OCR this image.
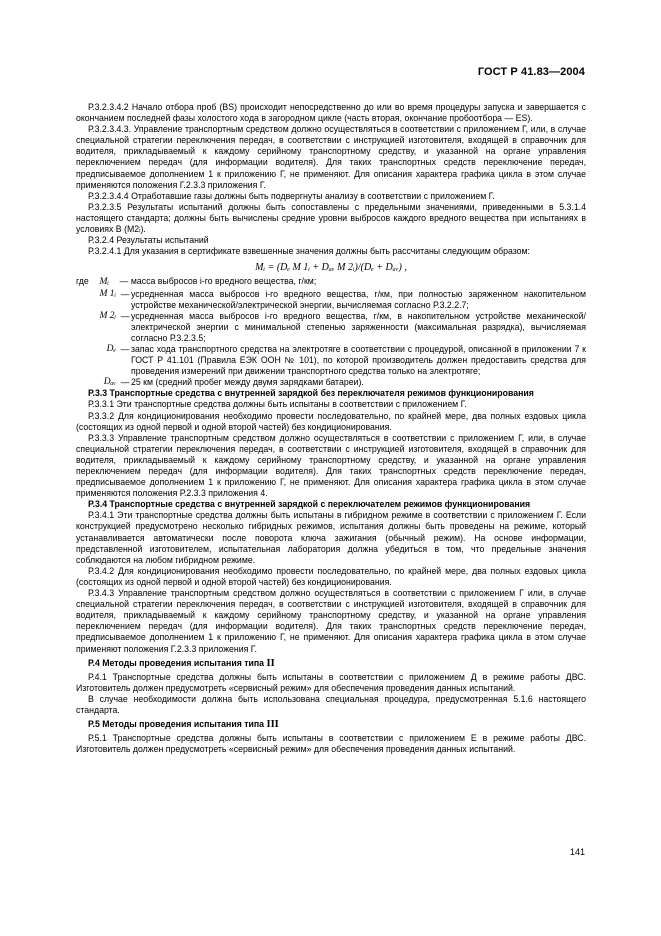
ГОСТ Р 41.83—2004

Р.3.2.3.4.2 Начало отбора проб (BS) происходит непосредственно до или во время процедуры запуска и завершается с окончанием последней фазы холостого хода в загородном цикле (часть вторая, окончание пробоотбора — ES).

Р.3.2.3.4.3. Управление транспортным средством должно осуществляться в соответствии с приложением Г, или, в случае специальной стратегии переключения передач, в соответствии с инструкцией изготовителя, входящей в справочник для водителя, прикладываемый к каждому серийному транспортному средству, и указанной на органе управления переключением передач (для информации водителя). Для таких транспортных средств переключение передач, предписываемое дополнением 1 к приложению Г, не применяют. Для описания характера графика цикла в этом случае применяются положения Г.2.3.3 приложения Г.

Р.3.2.3.4.4 Отработавшие газы должны быть подвергнуты анализу в соответствии с приложением Г.

Р.3.2.3.5 Результаты испытаний должны быть сопоставлены с предельными значениями, приведенными в 5.3.1.4 настоящего стандарта; должны быть вычислены средние уровни выбросов каждого вредного вещества при испытаниях в условиях В (М2ᵢ).

Р.3.2.4 Результаты испытаний

Р.3.2.4.1 Для указания в сертификате взвешенные значения должны быть рассчитаны следующим образом:

Mᵢ = (Dₑ M 1ᵢ + Dₐᵥ M 2ᵢ)/(Dₑ + Dₐᵥ) ,

где Mᵢ — масса выбросов i-го вредного вещества, г/км;
M 1ᵢ — усредненная масса выбросов i-го вредного вещества, г/км, при полностью заряженном накопительном устройстве механической/электрической энергии, вычисляемая согласно Р.3.2.2.7;
M 2ᵢ — усредненная масса выбросов i-го вредного вещества, г/км, в накопительном устройстве механической/электрической энергии с минимальной степенью заряженности (максимальная разрядка), вычисляемая согласно Р.3.2.3.5;
Dₑ — запас хода транспортного средства на электротяге в соответствии с процедурой, описанной в приложении 7 к ГОСТ Р 41.101 (Правила ЕЭК ООН № 101), по которой производитель должен предоставить средства для проведения измерений при движении транспортного средства только на электротяге;
Dₐᵥ — 25 км (средний пробег между двумя зарядками батареи).

Р.3.3 Транспортные средства с внутренней зарядкой без переключателя режимов функционирования

Р.3.3.1 Эти транспортные средства должны быть испытаны в соответствии с приложением Г.

Р.3.3.2 Для кондиционирования необходимо провести последовательно, по крайней мере, два полных ездовых цикла (состоящих из одной первой и одной второй частей) без кондиционирования.

Р.3.3.3 Управление транспортным средством должно осуществляться в соответствии с приложением Г, или, в случае специальной стратегии переключения передач, в соответствии с инструкцией изготовителя, входящей в справочник для водителя, прикладываемый к каждому серийному транспортному средству, и указанной на органе управления переключением передач (для информации водителя). Для таких транспортных средств переключение передач, предписываемое дополнением 1 к приложению Г, не применяют. Для описания характера графика цикла в этом случае применяются положения Р.2.3.3 приложения 4.

Р.3.4 Транспортные средства с внутренней зарядкой с переключателем режимов функционирования

Р.3.4.1 Эти транспортные средства должны быть испытаны в гибридном режиме в соответствии с приложением Г. Если конструкцией предусмотрено несколько гибридных режимов, испытания должны быть проведены на режиме, который устанавливается автоматически после поворота ключа зажигания (обычный режим). На основе информации, представленной изготовителем, испытательная лаборатория должна убедиться в том, что предельные значения соблюдаются на любом гибридном режиме.

Р.3.4.2 Для кондиционирования необходимо провести последовательно, по крайней мере, два полных ездовых цикла (состоящих из одной первой и одной второй частей) без кондиционирования.

Р.3.4.3 Управление транспортным средством должно осуществляться в соответствии с приложением Г или, в случае специальной стратегии переключения передач, в соответствии с инструкцией изготовителя, входящей в справочник для водителя, прикладываемый к каждому серийному транспортному средству, и указанной на органе управления переключением передач (для информации водителя). Для таких транспортных средств переключение передач, предписываемое дополнением 1 к приложению Г, не применяют. Для описания характера графика цикла в этом случае применяют положения Г.2.3.3 приложения Г.

Р.4 Методы проведения испытания типа II

Р.4.1 Транспортные средства должны быть испытаны в соответствии с приложением Д в режиме работы ДВС. Изготовитель должен предусмотреть «сервисный режим» для обеспечения проведения данных испытаний.

В случае необходимости должна быть использована специальная процедура, предусмотренная 5.1.6 настоящего стандарта.

Р.5 Методы проведения испытания типа III

Р.5.1 Транспортные средства должны быть испытаны в соответствии с приложением Е в режиме работы ДВС. Изготовитель должен предусмотреть «сервисный режим» для обеспечения проведения данных испытаний.

141
